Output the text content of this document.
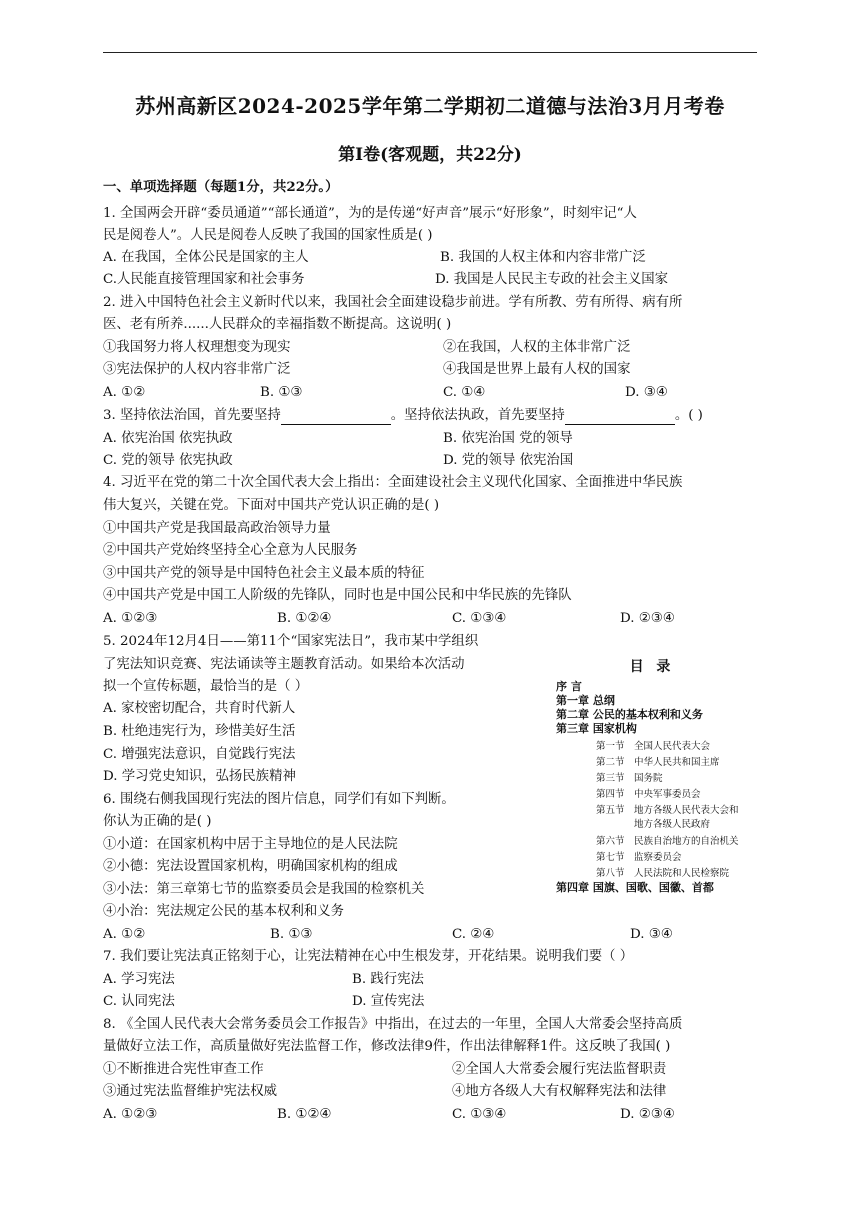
苏州高新区2024-2025学年第二学期初二道德与法治3月月考卷
第Ⅰ卷(客观题，共22分)
一、单项选择题（每题1分，共22分。）
1. 全国两会开辟“委员通道”“部长通道”，为的是传递“好声音”展示“好形象”，时刻牢记“人
民是阅卷人”。人民是阅卷人反映了我国的国家性质是( )
A. 在我国，全体公民是国家的主人	B. 我国的人权主体和内容非常广泛
C.人民能直接管理国家和社会事务	D. 我国是人民民主专政的社会主义国家
2. 进入中国特色社会主义新时代以来，我国社会全面建设稳步前进。学有所教、劳有所得、病有所
医、老有所养......人民群众的幸福指数不断提高。这说明( )
①我国努力将人权理想变为现实	②在我国，人权的主体非常广泛
③宪法保护的人权内容非常广泛	④我国是世界上最有人权的国家
A. ①②	B. ①③	C. ①④	D. ③④
3. 坚持依法治国，首先要坚持	。坚持依法执政，首先要坚持	。( )
A. 依宪治国 依宪执政	B. 依宪治国 党的领导
C. 党的领导 依宪执政	D. 党的领导 依宪治国
4. 习近平在党的第二十次全国代表大会上指出：全面建设社会主义现代化国家、全面推进中华民族
伟大复兴，关键在党。下面对中国共产党认识正确的是( )
①中国共产党是我国最高政治领导力量
②中国共产党始终坚持全心全意为人民服务
③中国共产党的领导是中国特色社会主义最本质的特征
④中国共产党是中国工人阶级的先锋队，同时也是中国公民和中华民族的先锋队
A. ①②③	B. ①②④	C. ①③④	D. ②③④
5. 2024年12月4日——第11个“国家宪法日”，我市某中学组织
了宪法知识竞赛、宪法诵读等主题教育活动。如果给本次活动
拟一个宣传标题，最恰当的是（ ）
A. 家校密切配合，共育时代新人
B. 杜绝违宪行为，珍惜美好生活
C. 增强宪法意识，自觉践行宪法
D. 学习党史知识，弘扬民族精神
6. 围绕右侧我国现行宪法的图片信息，同学们有如下判断。
你认为正确的是( )
①小道：在国家机构中居于主导地位的是人民法院
②小德：宪法设置国家机构，明确国家机构的组成
③小法：第三章第七节的监察委员会是我国的检察机关
④小治：宪法规定公民的基本权利和义务
A. ①②	B. ①③	C. ②④	D. ③④
7. 我们要让宪法真正铭刻于心，让宪法精神在心中生根发芽，开花结果。说明我们要（ ）
A. 学习宪法	B. 践行宪法
C. 认同宪法	D. 宣传宪法
8. 《全国人民代表大会常务委员会工作报告》中指出，在过去的一年里，全国人大常委会坚持高质
量做好立法工作，高质量做好宪法监督工作，修改法律9件，作出法律解释1件。这反映了我国( )
①不断推进合宪性审查工作	②全国人大常委会履行宪法监督职责
③通过宪法监督维护宪法权威	④地方各级人大有权解释宪法和法律
A. ①②③	B. ①②④	C. ①③④	D. ②③④
目 录
序 言
第一章 总纲
第二章 公民的基本权利和义务
第三章 国家机构
第一节 全国人民代表大会
第二节 中华人民共和国主席
第三节 国务院
第四节 中央军事委员会
第五节 地方各级人民代表大会和
地方各级人民政府
第六节 民族自治地方的自治机关
第七节 监察委员会
第八节 人民法院和人民检察院
第四章 国旗、国歌、国徽、首都
